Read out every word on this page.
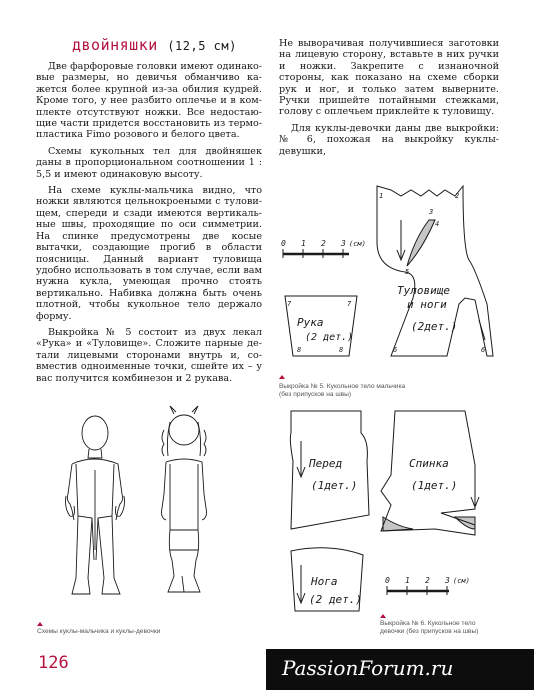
двойняшки (12,5 см)

Две фарфоровые головки имеют одинаковые размеры, но девичья обманчиво кажется более крупной из-за обилия кудрей. Кроме того, у нее разбито оплечье и в комплекте отсутствуют ножки. Все недостающие части придется восстановить из термопластика Fimo розового и белого цвета.

Схемы кукольных тел для двойняшек даны в пропорциональном соотношении 1 : 5,5 и имеют одинаковую высоту.

На схеме куклы-мальчика видно, что ножки являются цельнокроеными с туловищем, спереди и сзади имеются вертикальные швы, проходящие по оси симметрии. На спинке предусмотрены две косые вытачки, создающие прогиб в области поясницы. Данный вариант туловища удобно использовать в том случае, если вам нужна кукла, умеющая прочно стоять вертикально. Набивка должна быть очень плотной, чтобы кукольное тело держало форму.

Выкройка № 5 состоит из двух лекал «Рука» и «Туловище». Сложите парные детали лицевыми сторонами внутрь и, совместив одноименные точки, сшейте их – у вас получится комбинезон и 2 рукава.

Не выворачивая получившиеся заготовки на лицевую сторону, вставьте в них ручки и ножки. Закрепите с изнаночной стороны, как показано на схеме сборки рук и ног, и только затем выверните. Ручки пришейте потайными стежками, голову с оплечьем приклейте к туловищу.

Для куклы-девочки даны две выкройки: № 6, похожая на выкройку куклы-девушки,

Схемы куклы-мальчика и куклы-девочки
0 1 2 3 (см)
Рука
(2 дет.)
7	7
8	8
1	2
3
4
5
6	6
Туловище
и ноги
(2дет.)
Выкройка № 5. Кукольное тело мальчика
(без припусков на швы)
Перед
(1дет.)
Спинка
(1дет.)
Нога
(2 дет.)
0 1 2 3 (см)
Выкройка № 6. Кукольное тело
девочки (без припусков на швы)
126	PassionForum.ru
